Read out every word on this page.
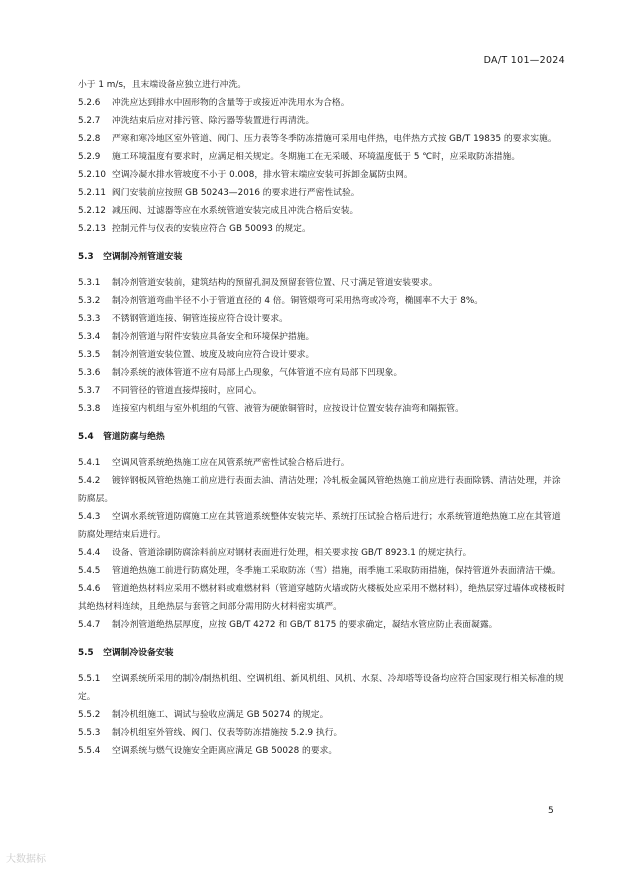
DA/T 101—2024
小于 1 m/s，且末端设备应独立进行冲洗。
5.2.6 冲洗应达到排水中固形物的含量等于或接近冲洗用水为合格。
5.2.7 冲洗结束后应对排污管、除污器等装置进行再清洗。
5.2.8 严寒和寒冷地区室外管道、阀门、压力表等冬季防冻措施可采用电伴热，电伴热方式按 GB/T 19835 的要求实施。
5.2.9 施工环境温度有要求时，应满足相关规定。冬期施工在无采暖、环境温度低于 5 ℃时，应采取防冻措施。
5.2.10 空调冷凝水排水管坡度不小于 0.008，排水管末端应安装可拆卸金属防虫网。
5.2.11 阀门安装前应按照 GB 50243—2016 的要求进行严密性试验。
5.2.12 减压阀、过滤器等应在水系统管道安装完成且冲洗合格后安装。
5.2.13 控制元件与仪表的安装应符合 GB 50093 的规定。
5.3 空调制冷剂管道安装
5.3.1 制冷剂管道安装前，建筑结构的预留孔洞及预留套管位置、尺寸满足管道安装要求。
5.3.2 制冷剂管道弯曲半径不小于管道直径的 4 倍。铜管煨弯可采用热弯或冷弯，椭圆率不大于 8%。
5.3.3 不锈钢管道连接、铜管连接应符合设计要求。
5.3.4 制冷剂管道与附件安装应具备安全和环境保护措施。
5.3.5 制冷剂管道安装位置、坡度及坡向应符合设计要求。
5.3.6 制冷系统的液体管道不应有局部上凸现象，气体管道不应有局部下凹现象。
5.3.7 不同管径的管道直接焊接时，应同心。
5.3.8 连接室内机组与室外机组的气管、液管为硬旅铜管时，应按设计位置安装存油弯和隔振管。
5.4 管道防腐与绝热
5.4.1 空调风管系统绝热施工应在风管系统严密性试验合格后进行。
5.4.2 镀锌钢板风管绝热施工前应进行表面去油、清洁处理；冷轧板金属风管绝热施工前应进行表面除锈、清洁处理，并涂防腐层。
5.4.3 空调水系统管道防腐施工应在其管道系统整体安装完毕、系统打压试验合格后进行；水系统管道绝热施工应在其管道防腐处理结束后进行。
5.4.4 设备、管道涂刷防腐涂料前应对钢材表面进行处理，相关要求按 GB/T 8923.1 的规定执行。
5.4.5 管道绝热施工前进行防腐处理，冬季施工采取防冻（雪）措施，雨季施工采取防雨措施，保持管道外表面清洁干燥。
5.4.6 管道绝热材料应采用不燃材料或难燃材料（管道穿越防火墙或防火楼板处应采用不燃材料），绝热层穿过墙体或楼板时其绝热材料连续，且绝热层与套管之间部分需用防火材料密实填严。
5.4.7 制冷剂管道绝热层厚度，应按 GB/T 4272 和 GB/T 8175 的要求确定，凝结水管应防止表面凝露。
5.5 空调制冷设备安装
5.5.1 空调系统所采用的制冷/制热机组、空调机组、新风机组、风机、水泵、冷却塔等设备均应符合国家现行相关标准的规定。
5.5.2 制冷机组施工、调试与验收应满足 GB 50274 的规定。
5.5.3 制冷机组室外管线、阀门、仪表等防冻措施按 5.2.9 执行。
5.5.4 空调系统与燃气设施安全距离应满足 GB 50028 的要求。
5
大数据标
